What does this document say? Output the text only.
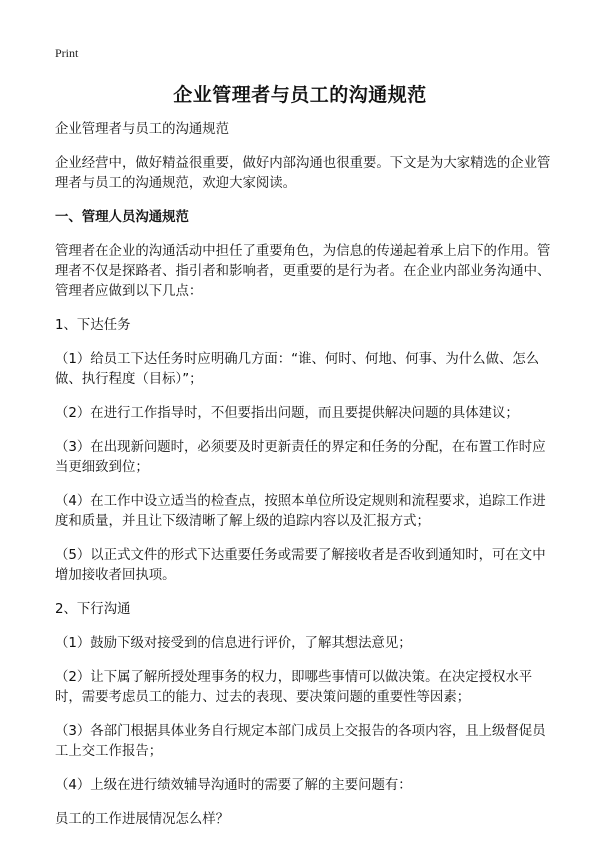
Print
企业管理者与员工的沟通规范

企业管理者与员工的沟通规范

企业经营中，做好精益很重要，做好内部沟通也很重要。下文是为大家精选的企业管理者与员工的沟通规范，欢迎大家阅读。

一、管理人员沟通规范

管理者在企业的沟通活动中担任了重要角色，为信息的传递起着承上启下的作用。管理者不仅是探路者、指引者和影响者，更重要的是行为者。在企业内部业务沟通中、管理者应做到以下几点：

1、下达任务

（1）给员工下达任务时应明确几方面：“谁、何时、何地、何事、为什么做、怎么做、执行程度（目标）”；

（2）在进行工作指导时，不但要指出问题，而且要提供解决问题的具体建议；

（3）在出现新问题时，必须要及时更新责任的界定和任务的分配，在布置工作时应当更细致到位；

（4）在工作中设立适当的检查点，按照本单位所设定规则和流程要求，追踪工作进度和质量，并且让下级清晰了解上级的追踪内容以及汇报方式；

（5）以正式文件的形式下达重要任务或需要了解接收者是否收到通知时，可在文中增加接收者回执项。

2、下行沟通

（1）鼓励下级对接受到的信息进行评价，了解其想法意见；

（2）让下属了解所授处理事务的权力，即哪些事情可以做决策。在决定授权水平时，需要考虑员工的能力、过去的表现、要决策问题的重要性等因素；

（3）各部门根据具体业务自行规定本部门成员上交报告的各项内容，且上级督促员工上交工作报告；

（4）上级在进行绩效辅导沟通时的需要了解的主要问题有：

员工的工作进展情况怎么样？
